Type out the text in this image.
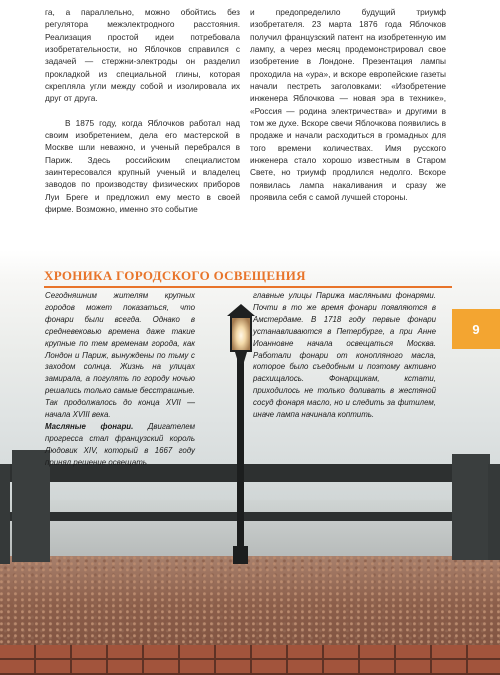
га, а параллельно, можно обойтись без регулятора межэлектродного расстояния. Реализация простой идеи потребовала изобретательности, но Яблочков справился с задачей — стержни-электроды он разделил прокладкой из специальной глины, которая скрепляла угли между собой и изолировала их друг от друга.

В 1875 году, когда Яблочков работал над своим изобретением, дела его мастерской в Москве шли неважно, и ученый перебрался в Париж. Здесь российским специалистом заинтересовался крупный ученый и владелец заводов по производству физических приборов Луи Бреге и предложил ему место в своей фирме. Возможно, именно это событие

и предопределило будущий триумф изобретателя. 23 марта 1876 года Яблочков получил французский патент на изобретенную им лампу, а через месяц продемонстрировал свое изобретение в Лондоне. Презентация лампы проходила на «ура», и вскоре европейские газеты начали пестреть заголовками: «Изобретение инженера Яблочкова — новая эра в технике», «Россия — родина электричества» и другими в том же духе. Вскоре свечи Яблочкова появились в продаже и начали расходиться в громадных для того времени количествах. Имя русского инженера стало хорошо известным в Старом Свете, но триумф продлился недолго. Вскоре появилась лампа накаливания и сразу же проявила себя с самой лучшей стороны.

ХРОНИКА ГОРОДСКОГО ОСВЕЩЕНИЯ

Сегодняшним жителям крупных городов может показаться, что фонари были всегда. Однако в средневековью времена даже такие крупные по тем временам города, как Лондон и Париж, вынуждены по тьму с заходом солнца. Жизнь на улицах замирала, а погулять по городу ночью решались только самые бесстрашные. Так продолжалось до конца XVII — начала XVIII века.

Масляные фонари. Двигателем прогресса стал французский король Людовик XIV, который в 1667 году принял решение освещать

главные улицы Парижа масляными фонарями. Почти в то же время фонари появляются в Амстердаме. В 1718 году первые фонари устанавливаются в Петербурге, а при Анне Иоанновне начала освещаться Москва. Работали фонари от конопляного масла, которое было съедобным и поэтому активно расхищалось. Фонарщикам, кстати, приходилось не только доливать в жестяной сосуд фонаря масло, но и следить за фитилем, иначе лампа начинала коптить.

9
